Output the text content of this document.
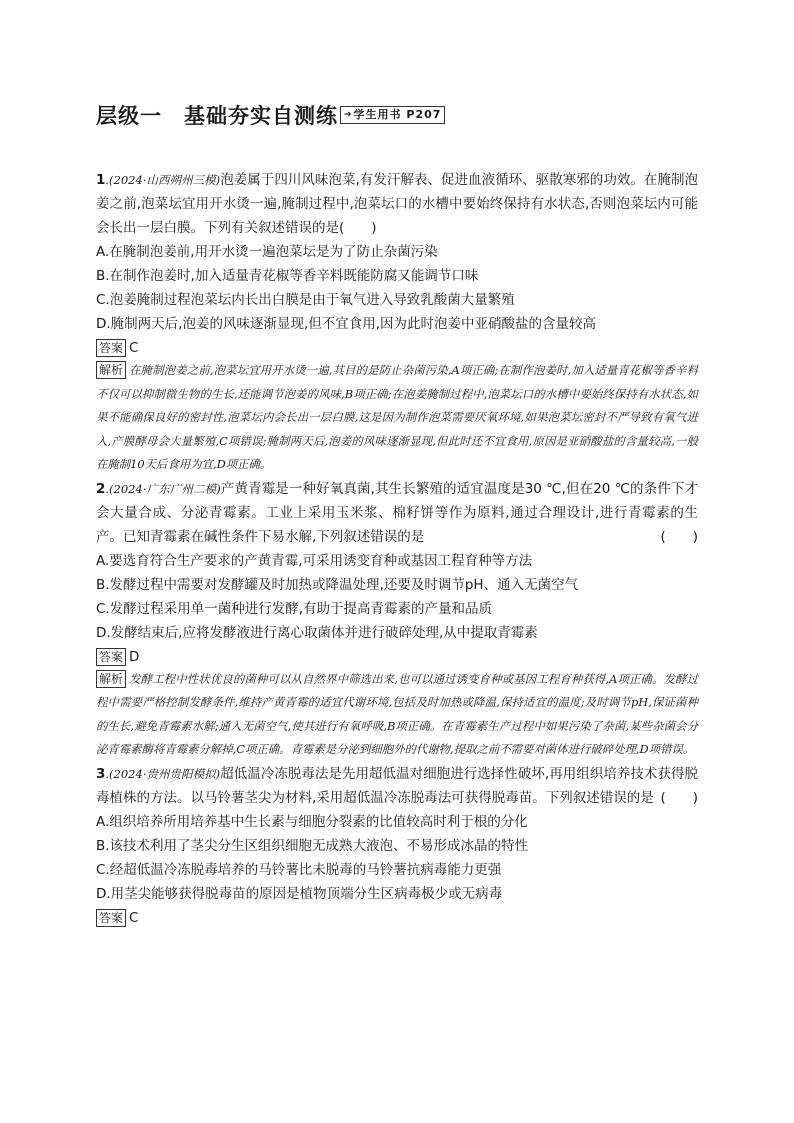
层级一 基础夯实自测练 ➔ 学生用书 P207
1.(2024·山西朔州三模)泡姜属于四川风味泡菜,有发汗解表、促进血液循环、驱散寒邪的功效。在腌制泡姜之前,泡菜坛宜用开水烫一遍,腌制过程中,泡菜坛口的水槽中要始终保持有水状态,否则泡菜坛内可能会长出一层白膜。下列有关叙述错误的是(　　)
A.在腌制泡姜前,用开水烫一遍泡菜坛是为了防止杂菌污染
B.在制作泡姜时,加入适量青花椒等香辛料既能防腐又能调节口味
C.泡姜腌制过程泡菜坛内长出白膜是由于氧气进入导致乳酸菌大量繁殖
D.腌制两天后,泡姜的风味逐渐显现,但不宜食用,因为此时泡姜中亚硝酸盐的含量较高
答案 C
解析 在腌制泡姜之前,泡菜坛宜用开水烫一遍,其目的是防止杂菌污染,A项正确;在制作泡姜时,加入适量青花椒等香辛料不仅可以抑制微生物的生长,还能调节泡姜的风味,B项正确;在泡姜腌制过程中,泡菜坛口的水槽中要始终保持有水状态,如果不能确保良好的密封性,泡菜坛内会长出一层白膜,这是因为制作泡菜需要厌氧环境,如果泡菜坛密封不严导致有氧气进入,产膜酵母会大量繁殖,C项错误;腌制两天后,泡姜的风味逐渐显现,但此时还不宜食用,原因是亚硝酸盐的含量较高,一般在腌制10天后食用为宜,D项正确。
2.(2024·广东广州二模)产黄青霉是一种好氧真菌,其生长繁殖的适宜温度是30 ℃,但在20 ℃的条件下才会大量合成、分泌青霉素。工业上采用玉米浆、棉籽饼等作为原料,通过合理设计,进行青霉素的生产。已知青霉素在碱性条件下易水解,下列叙述错误的是	(　　)
A.要选育符合生产要求的产黄青霉,可采用诱变育种或基因工程育种等方法
B.发酵过程中需要对发酵罐及时加热或降温处理,还要及时调节pH、通入无菌空气
C.发酵过程采用单一菌种进行发酵,有助于提高青霉素的产量和品质
D.发酵结束后,应将发酵液进行离心取菌体并进行破碎处理,从中提取青霉素
答案 D
解析 发酵工程中性状优良的菌种可以从自然界中筛选出来,也可以通过诱变育种或基因工程育种获得,A项正确。发酵过程中需要严格控制发酵条件,维持产黄青霉的适宜代谢环境,包括及时加热或降温,保持适宜的温度;及时调节pH,保证菌种的生长,避免青霉素水解;通入无菌空气,使其进行有氧呼吸,B项正确。在青霉素生产过程中如果污染了杂菌,某些杂菌会分泌青霉素酶将青霉素分解掉,C项正确。青霉素是分泌到细胞外的代谢物,提取之前不需要对菌体进行破碎处理,D项错误。
3.(2024·贵州贵阳模拟)超低温冷冻脱毒法是先用超低温对细胞进行选择性破坏,再用组织培养技术获得脱毒植株的方法。以马铃薯茎尖为材料,采用超低温冷冻脱毒法可获得脱毒苗。下列叙述错误的是 (　　)
A.组织培养所用培养基中生长素与细胞分裂素的比值较高时利于根的分化
B.该技术利用了茎尖分生区组织细胞无成熟大液泡、不易形成冰晶的特性
C.经超低温冷冻脱毒培养的马铃薯比未脱毒的马铃薯抗病毒能力更强
D.用茎尖能够获得脱毒苗的原因是植物顶端分生区病毒极少或无病毒
答案 C
